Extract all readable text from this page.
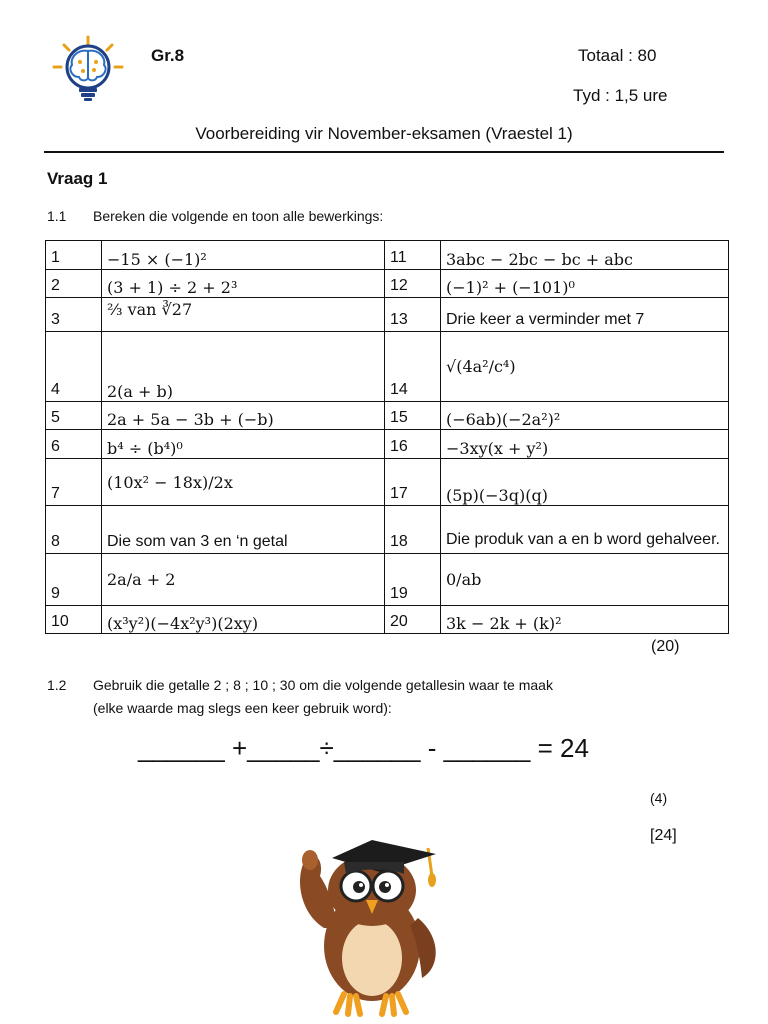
Gr.8	Totaal : 80
Tyd : 1,5 ure
Voorbereiding vir November-eksamen (Vraestel 1)
Vraag 1
1.1 Bereken die volgende en toon alle bewerkings:
1	−15 × (−1)²	11	3abc − 2bc − bc + abc
2	(3 + 1) ÷ 2 + 2³	12	(−1)² + (−101)⁰
3	⅔ van ∛27	13	Drie keer a verminder met 7
4	2(a + b)	14	√(4a²/c⁴)
5	2a + 5a − 3b + (−b)	15	(−6ab)(−2a²)²
6	b⁴ ÷ (b⁴)⁰	16	−3xy(x + y²)
7	(10x² − 18x)/2x	17	(5p)(−3q)(q)
8	Die som van 3 en ‘n getal	18	Die produk van a en b word gehalveer.
9	2a/a + 2	19	0/ab
10	(x³y²)(−4x²y³)(2xy)	20	3k − 2k + (k)²
(20)
1.2 Gebruik die getalle 2 ; 8 ; 10 ; 30 om die volgende getallesin waar te maak
(elke waarde mag slegs een keer gebruik word):
______ +_____÷______ - ______ = 24
(4)
[24]
